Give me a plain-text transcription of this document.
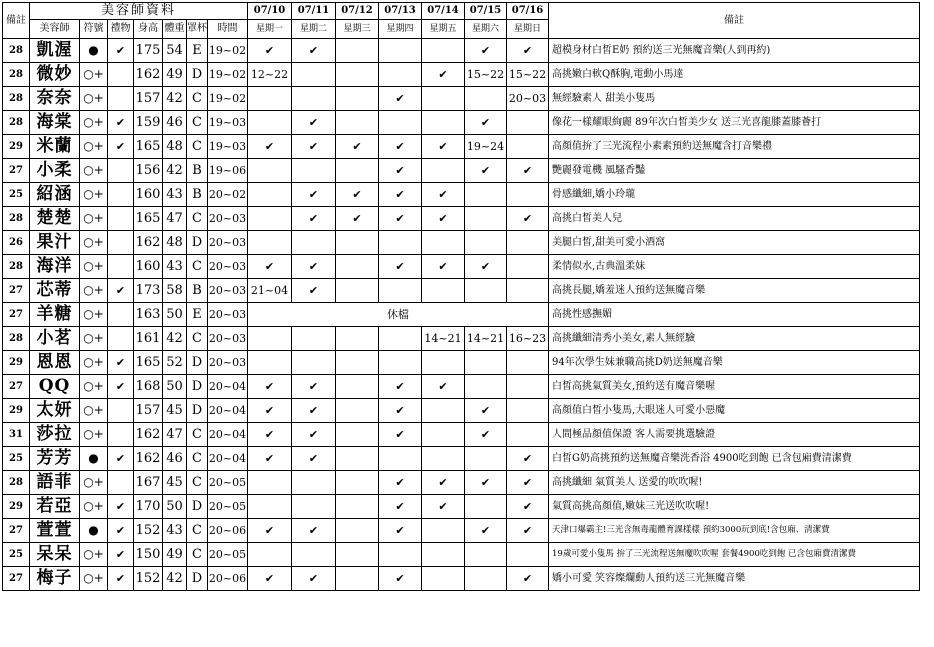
備註	美容師資料							07/10	07/11	07/12	07/13	07/14	07/15	07/16	備註
	美容師	符號	禮物	身高	體重	罩杯	時間	星期一	星期二	星期三	星期四	星期五	星期六	星期日	
28	凱渥	●	✔	175	54	E	19~02	✔	✔				✔	✔	超模身材白皙E奶 預約送三光無魔音樂(人到再約)
28	微妙	○+		162	49	D	19~02	12~22				✔	15~22	15~22	高挑嫩白軟Q酥胸,電動小馬達
28	奈奈	○+		157	42	C	19~02				✔			20~03	無經驗素人 甜美小隻馬
28	海棠	○+	✔	159	46	C	19~03		✔				✔		像花一樣耀眼絢麗 89年次白皙美少女 送三光喜龍膝蓋膝薈打
29	米蘭	○+	✔	165	48	C	19~03	✔	✔	✔	✔	✔	19~24		高顏值拚了三光流程小素素預約送無魔含打音樂禮
27	小柔	○+		156	42	B	19~06				✔		✔	✔	艷麗發電機 風騷香豔
25	紹涵	○+		160	43	B	20~02		✔	✔	✔	✔			骨感纖細,嬌小玲瓏
28	楚楚	○+		165	47	C	20~03		✔	✔	✔	✔		✔	高挑白皙美人兒
26	果汁	○+		162	48	D	20~03								美腿白皙,甜美可愛小酒窩
28	海洋	○+		160	43	C	20~03	✔	✔		✔	✔	✔		柔情似水,古典溫柔妹
27	芯蒂	○+	✔	173	58	B	20~03	21~04	✔						高挑長腿,嬌羞迷人預約送無魔音樂
27	羊糖	○+		163	50	E	20~03	休檔							高挑性感撫媚
28	小茗	○+		161	42	C	20~03					14~21	14~21	16~23	高挑纖細清秀小美女,素人無經驗
29	恩恩	○+	✔	165	52	D	20~03								94年次學生妹兼職高挑D奶送無魔音樂
27	QQ	○+	✔	168	50	D	20~04	✔	✔		✔	✔			白皙高挑氣質美女,預約送有魔音樂喔
29	太妍	○+		157	45	D	20~04	✔	✔		✔		✔		高顏值白皙小隻馬,大眼迷人可愛小惡魔
31	莎拉	○+		162	47	C	20~04	✔	✔		✔		✔		人間極品顏值保證 客人需要挑選驗證
25	芳芳	●	✔	162	46	C	20~04	✔	✔					✔	白皙G奶高挑預約送無魔音樂洗香浴 4900吃到飽 已含包廂費清潔費
28	語菲	○+		167	45	C	20~05				✔	✔	✔	✔	高挑纖細 氣質美人 送愛的吹吹喔!
29	若亞	○+	✔	170	50	D	20~05				✔	✔		✔	氣質高挑高顏值,嫩妹三光送吹吹喔!
27	萱萱	●	✔	152	43	C	20~06	✔	✔		✔		✔	✔	天津口爆霸主!三光含無毒龍體育課樣樣 預約3000玩到底!含包廂、清潔費
25	呆呆	○+	✔	150	49	C	20~05								19歲可愛小隻馬 拚了三光流程送無魔吹吹喔 套餐4900吃到飽 已含包廂費清潔費
27	梅子	○+	✔	152	42	D	20~06	✔	✔		✔			✔	嬌小可愛 笑容燦爛動人預約送三光無魔音樂
